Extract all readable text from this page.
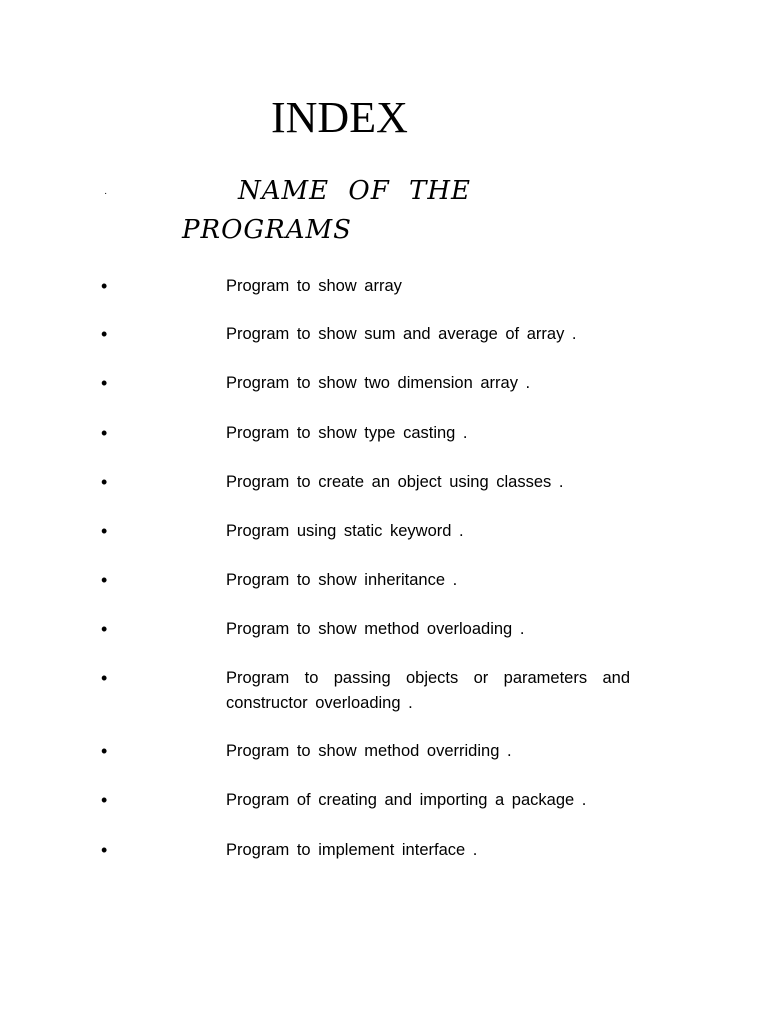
INDEX
·	NAME OF THE
PROGRAMS
•	Program to show array
•	Program to show sum and average of array .
•	Program to show two dimension array .
•	Program to show type casting .
•	Program to create an object using classes .
•	Program using static keyword .
•	Program to show inheritance .
•	Program to show method overloading .
•	Program to passing objects or parameters and constructor overloading .
•	Program to show method overriding .
•	Program of creating and importing a package .
•	Program to implement interface .
